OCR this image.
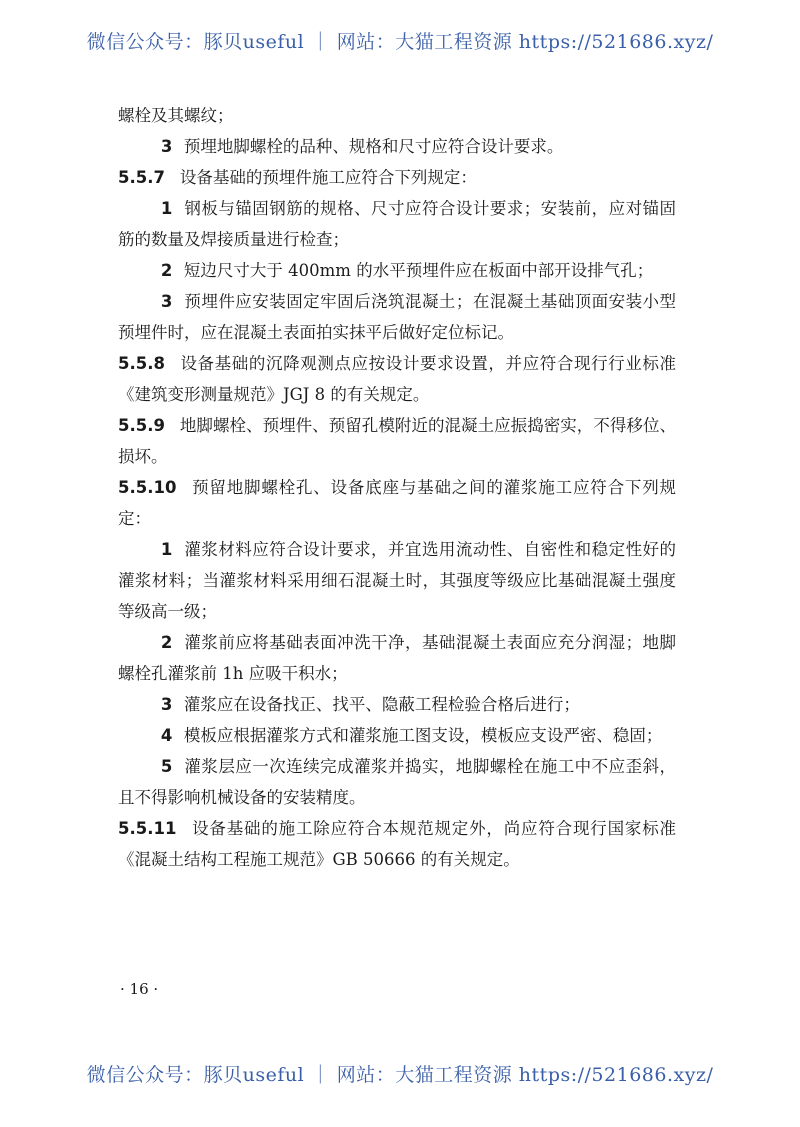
微信公众号：豚贝useful ｜ 网站：大猫工程资源 https://521686.xyz/

螺栓及其螺纹；

3 预埋地脚螺栓的品种、规格和尺寸应符合设计要求。

5.5.7 设备基础的预埋件施工应符合下列规定：

1 钢板与锚固钢筋的规格、尺寸应符合设计要求；安装前，应对锚固筋的数量及焊接质量进行检查；

2 短边尺寸大于 400mm 的水平预埋件应在板面中部开设排气孔；

3 预埋件应安装固定牢固后浇筑混凝土；在混凝土基础顶面安装小型预埋件时，应在混凝土表面拍实抹平后做好定位标记。

5.5.8 设备基础的沉降观测点应按设计要求设置，并应符合现行行业标准《建筑变形测量规范》JGJ 8 的有关规定。

5.5.9 地脚螺栓、预埋件、预留孔模附近的混凝土应振捣密实，不得移位、损坏。

5.5.10 预留地脚螺栓孔、设备底座与基础之间的灌浆施工应符合下列规定：

1 灌浆材料应符合设计要求，并宜选用流动性、自密性和稳定性好的灌浆材料；当灌浆材料采用细石混凝土时，其强度等级应比基础混凝土强度等级高一级；

2 灌浆前应将基础表面冲洗干净，基础混凝土表面应充分润湿；地脚螺栓孔灌浆前 1h 应吸干积水；

3 灌浆应在设备找正、找平、隐蔽工程检验合格后进行；

4 模板应根据灌浆方式和灌浆施工图支设，模板应支设严密、稳固；

5 灌浆层应一次连续完成灌浆并捣实，地脚螺栓在施工中不应歪斜，且不得影响机械设备的安装精度。

5.5.11 设备基础的施工除应符合本规范规定外，尚应符合现行国家标准《混凝土结构工程施工规范》GB 50666 的有关规定。

· 16 ·
微信公众号：豚贝useful ｜ 网站：大猫工程资源 https://521686.xyz/
